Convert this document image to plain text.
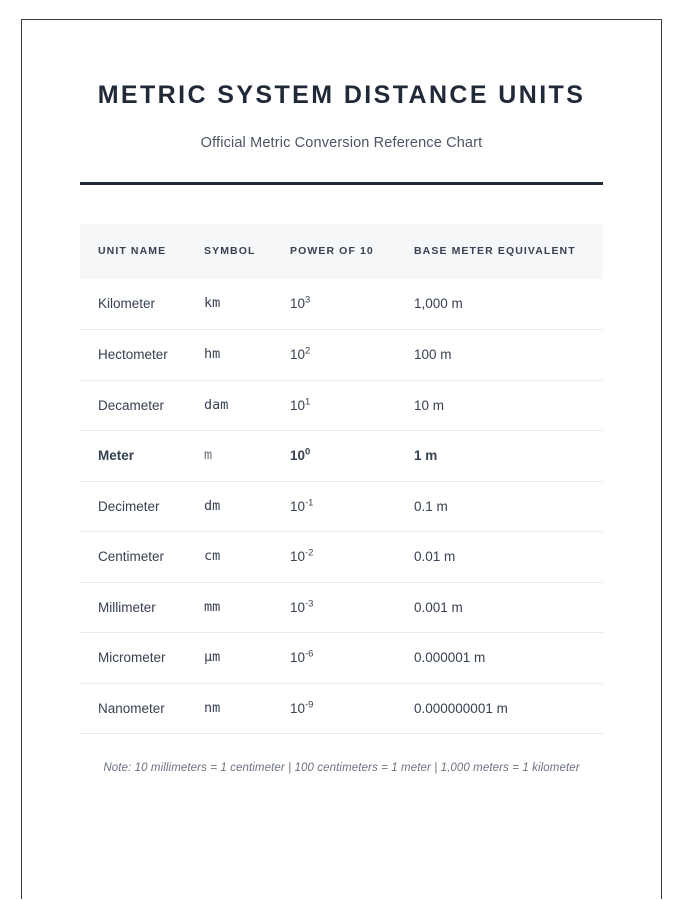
METRIC SYSTEM DISTANCE UNITS

Official Metric Conversion Reference Chart

UNIT NAME	SYMBOL	POWER OF 10	BASE METER EQUIVALENT
Kilometer	km	$10^3$	1,000 m
Hectometer	hm	$10^2$	100 m
Decameter	dam	$10^1$	10 m
Meter	m	$10^0$	1 m
Decimeter	dm	$10^{-1}$	0.1 m
Centimeter	cm	$10^{-2}$	0.01 m
Millimeter	mm	$10^{-3}$	0.001 m
Micrometer	μm	$10^{-6}$	0.000001 m
Nanometer	nm	$10^{-9}$	0.000000001 m

Note: 10 millimeters = 1 centimeter | 100 centimeters = 1 meter | 1,000 meters = 1 kilometer
